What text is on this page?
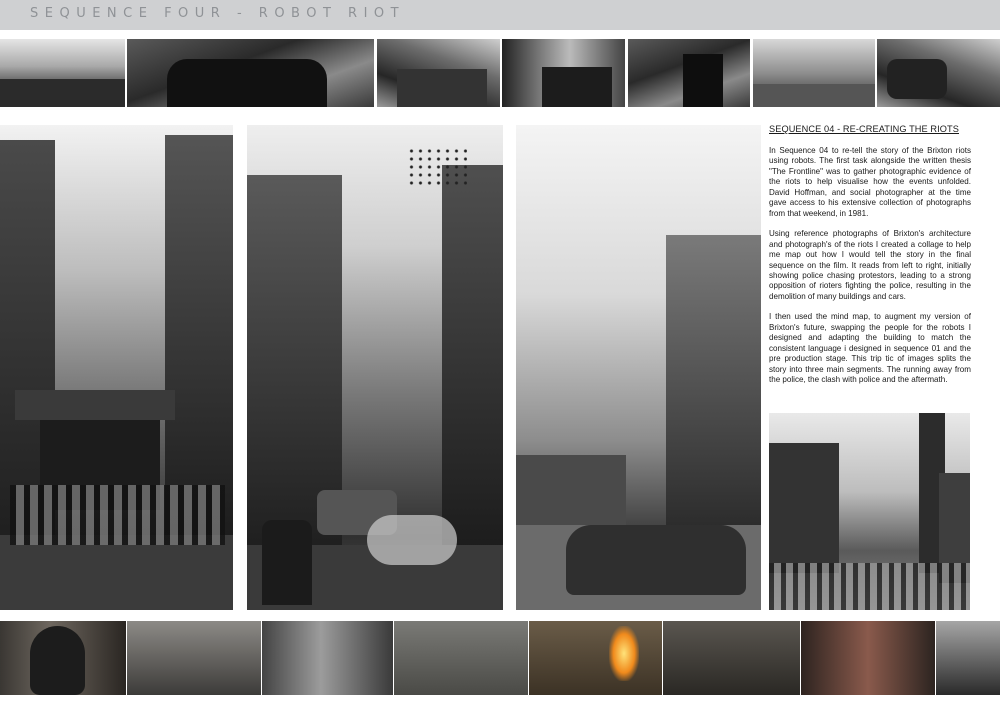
SEQUENCE FOUR - ROBOT RIOT
SEQUENCE 04 - RE-CREATING THE RIOTS

In Sequence 04 to re-tell the story of the Brixton riots using robots. The first task alongside the written thesis "The Frontline" was to gather photographic evidence of the riots to help visualise how the events unfolded. David Hoffman, and social photographer at the time gave access to his extensive collection of photographs from that weekend, in 1981.

Using reference photographs of Brixton's architecture and photograph's of the riots I created a collage to help me map out how I would tell the story in the final sequence on the film. It reads from left to right, initially showing police chasing protestors, leading to a strong opposition of rioters fighting the police, resulting in the demolition of many buildings and cars.

I then used the mind map, to augment my version of Brixton's future, swapping the people for the robots I designed and adapting the building to match the consistent language i designed in sequence 01 and the pre production stage. This trip tic of images splits the story into three main segments. The running away from the police, the clash with police and the aftermath.
